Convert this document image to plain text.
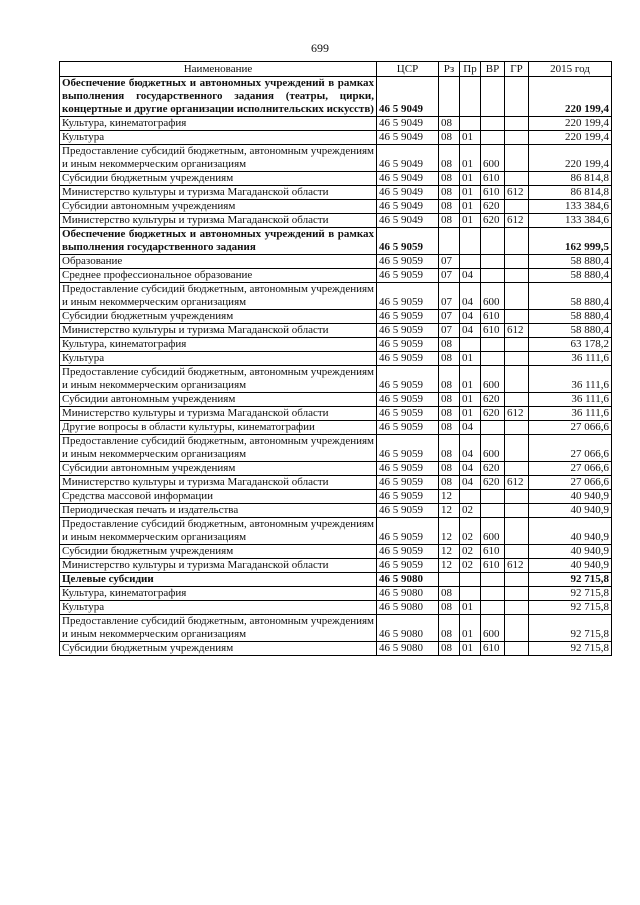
699
Наименование	ЦСР	Рз	Пр	ВР	ГР	2015 год
Обеспечение бюджетных и автономных учреждений в рамках выполнения государственного задания (театры, цирки, концертные и другие организации исполнительских искусств)	46 5 9049					220 199,4
Культура, кинематография	46 5 9049	08				220 199,4
Культура	46 5 9049	08	01			220 199,4
Предоставление субсидий бюджетным, автономным учреждениям и иным некоммерческим организациям	46 5 9049	08	01	600		220 199,4
Субсидии бюджетным учреждениям	46 5 9049	08	01	610		86 814,8
Министерство культуры и туризма Магаданской области	46 5 9049	08	01	610	612	86 814,8
Субсидии автономным учреждениям	46 5 9049	08	01	620		133 384,6
Министерство культуры и туризма Магаданской области	46 5 9049	08	01	620	612	133 384,6
Обеспечение бюджетных и автономных учреждений в рамках выполнения государственного задания	46 5 9059					162 999,5
Образование	46 5 9059	07				58 880,4
Среднее профессиональное образование	46 5 9059	07	04			58 880,4
Предоставление субсидий бюджетным, автономным учреждениям и иным некоммерческим организациям	46 5 9059	07	04	600		58 880,4
Субсидии бюджетным учреждениям	46 5 9059	07	04	610		58 880,4
Министерство культуры и туризма Магаданской области	46 5 9059	07	04	610	612	58 880,4
Культура, кинематография	46 5 9059	08				63 178,2
Культура	46 5 9059	08	01			36 111,6
Предоставление субсидий бюджетным, автономным учреждениям и иным некоммерческим организациям	46 5 9059	08	01	600		36 111,6
Субсидии автономным учреждениям	46 5 9059	08	01	620		36 111,6
Министерство культуры и туризма Магаданской области	46 5 9059	08	01	620	612	36 111,6
Другие вопросы в области культуры, кинематографии	46 5 9059	08	04			27 066,6
Предоставление субсидий бюджетным, автономным учреждениям и иным некоммерческим организациям	46 5 9059	08	04	600		27 066,6
Субсидии автономным учреждениям	46 5 9059	08	04	620		27 066,6
Министерство культуры и туризма Магаданской области	46 5 9059	08	04	620	612	27 066,6
Средства массовой информации	46 5 9059	12				40 940,9
Периодическая печать и издательства	46 5 9059	12	02			40 940,9
Предоставление субсидий бюджетным, автономным учреждениям и иным некоммерческим организациям	46 5 9059	12	02	600		40 940,9
Субсидии бюджетным учреждениям	46 5 9059	12	02	610		40 940,9
Министерство культуры и туризма Магаданской области	46 5 9059	12	02	610	612	40 940,9
Целевые субсидии	46 5 9080					92 715,8
Культура, кинематография	46 5 9080	08				92 715,8
Культура	46 5 9080	08	01			92 715,8
Предоставление субсидий бюджетным, автономным учреждениям и иным некоммерческим организациям	46 5 9080	08	01	600		92 715,8
Субсидии бюджетным учреждениям	46 5 9080	08	01	610		92 715,8
